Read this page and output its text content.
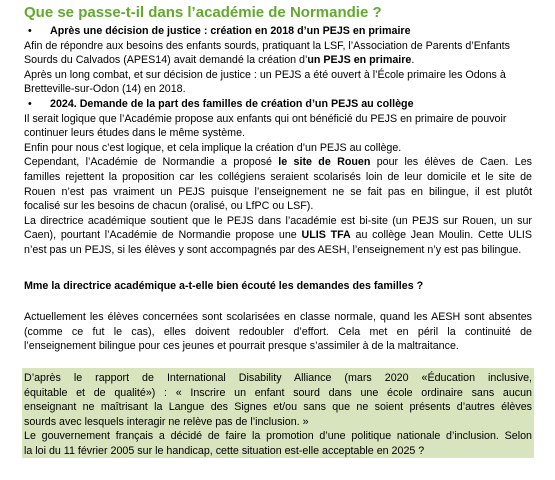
Que se passe-t-il dans l’académie de Normandie ?
• Après une décision de justice : création en 2018 d’un PEJS en primaire
Afin de répondre aux besoins des enfants sourds, pratiquant la LSF, l’Association de Parents d’Enfants
Sourds du Calvados (APES14) avait demandé la création d’un PEJS en primaire.
Après un long combat, et sur décision de justice : un PEJS a été ouvert à l’École primaire les Odons à
Bretteville-sur-Odon (14) en 2018.
• 2024. Demande de la part des familles de création d’un PEJS au collège
Il serait logique que l’Académie propose aux enfants qui ont bénéficié du PEJS en primaire de pouvoir
continuer leurs études dans le même système.
Enfin pour nous c’est logique, et cela implique la création d’un PEJS au collège.
Cependant, l’Académie de Normandie a proposé le site de Rouen pour les élèves de Caen. Les
familles rejettent la proposition car les collégiens seraient scolarisés loin de leur domicile et le site de
Rouen n’est pas vraiment un PEJS puisque l’enseignement ne se fait pas en bilingue, il est plutôt
focalisé sur les besoins de chacun (oralisé, ou LfPC ou LSF).
La directrice académique soutient que le PEJS dans l’académie est bi-site (un PEJS sur Rouen, un sur
Caen), pourtant l’Académie de Normandie propose une ULIS TFA au collège Jean Moulin. Cette ULIS
n’est pas un PEJS, si les élèves y sont accompagnés par des AESH, l’enseignement n’y est pas bilingue.
Mme la directrice académique a-t-elle bien écouté les demandes des familles ?
Actuellement les élèves concernées sont scolarisées en classe normale, quand les AESH sont absentes
(comme ce fut le cas), elles doivent redoubler d’effort. Cela met en péril la continuité de
l’enseignement bilingue pour ces jeunes et pourrait presque s’assimiler à de la maltraitance.
D’après le rapport de International Disability Alliance (mars 2020 «Éducation inclusive,
équitable et de qualité») : « Inscrire un enfant sourd dans une école ordinaire sans aucun
enseignant ne maîtrisant la Langue des Signes et/ou sans que ne soient présents d’autres élèves
sourds avec lesquels interagir ne relève pas de l’inclusion. »
Le gouvernement français a décidé de faire la promotion d’une politique nationale d’inclusion. Selon
la loi du 11 février 2005 sur le handicap, cette situation est-elle acceptable en 2025 ?
